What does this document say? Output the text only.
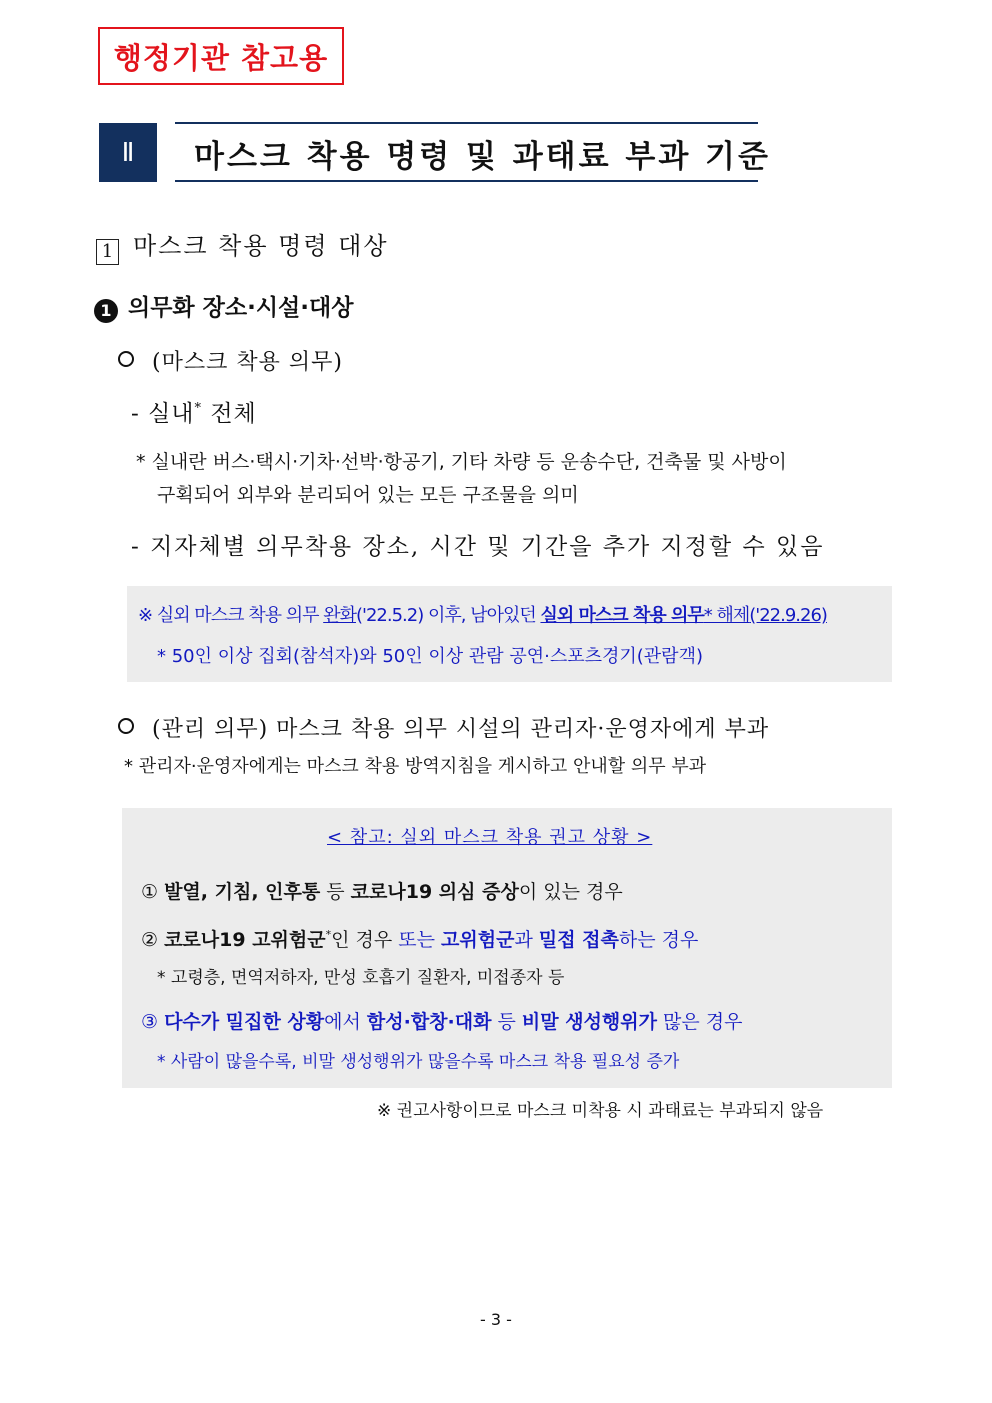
행정기관 참고용
Ⅱ	마스크 착용 명령 및 과태료 부과 기준
1 마스크 착용 명령 대상
1 의무화 장소·시설·대상
(마스크 착용 의무)
- 실내* 전체
* 실내란 버스·택시·기차·선박·항공기, 기타 차량 등 운송수단, 건축물 및 사방이
구획되어 외부와 분리되어 있는 모든 구조물을 의미
- 지자체별 의무착용 장소, 시간 및 기간을 추가 지정할 수 있음
※ 실외 마스크 착용 의무 완화('22.5.2) 이후, 남아있던 실외 마스크 착용 의무* 해제('22.9.26)
* 50인 이상 집회(참석자)와 50인 이상 관람 공연·스포츠경기(관람객)
(관리 의무) 마스크 착용 의무 시설의 관리자·운영자에게 부과
* 관리자·운영자에게는 마스크 착용 방역지침을 게시하고 안내할 의무 부과
< 참고: 실외 마스크 착용 권고 상황 >
① 발열, 기침, 인후통 등 코로나19 의심 증상이 있는 경우
② 코로나19 고위험군*인 경우 또는 고위험군과 밀접 접촉하는 경우
* 고령층, 면역저하자, 만성 호흡기 질환자, 미접종자 등
③ 다수가 밀집한 상황에서 함성·합창·대화 등 비말 생성행위가 많은 경우
* 사람이 많을수록, 비말 생성행위가 많을수록 마스크 착용 필요성 증가
※ 권고사항이므로 마스크 미착용 시 과태료는 부과되지 않음
- 3 -
